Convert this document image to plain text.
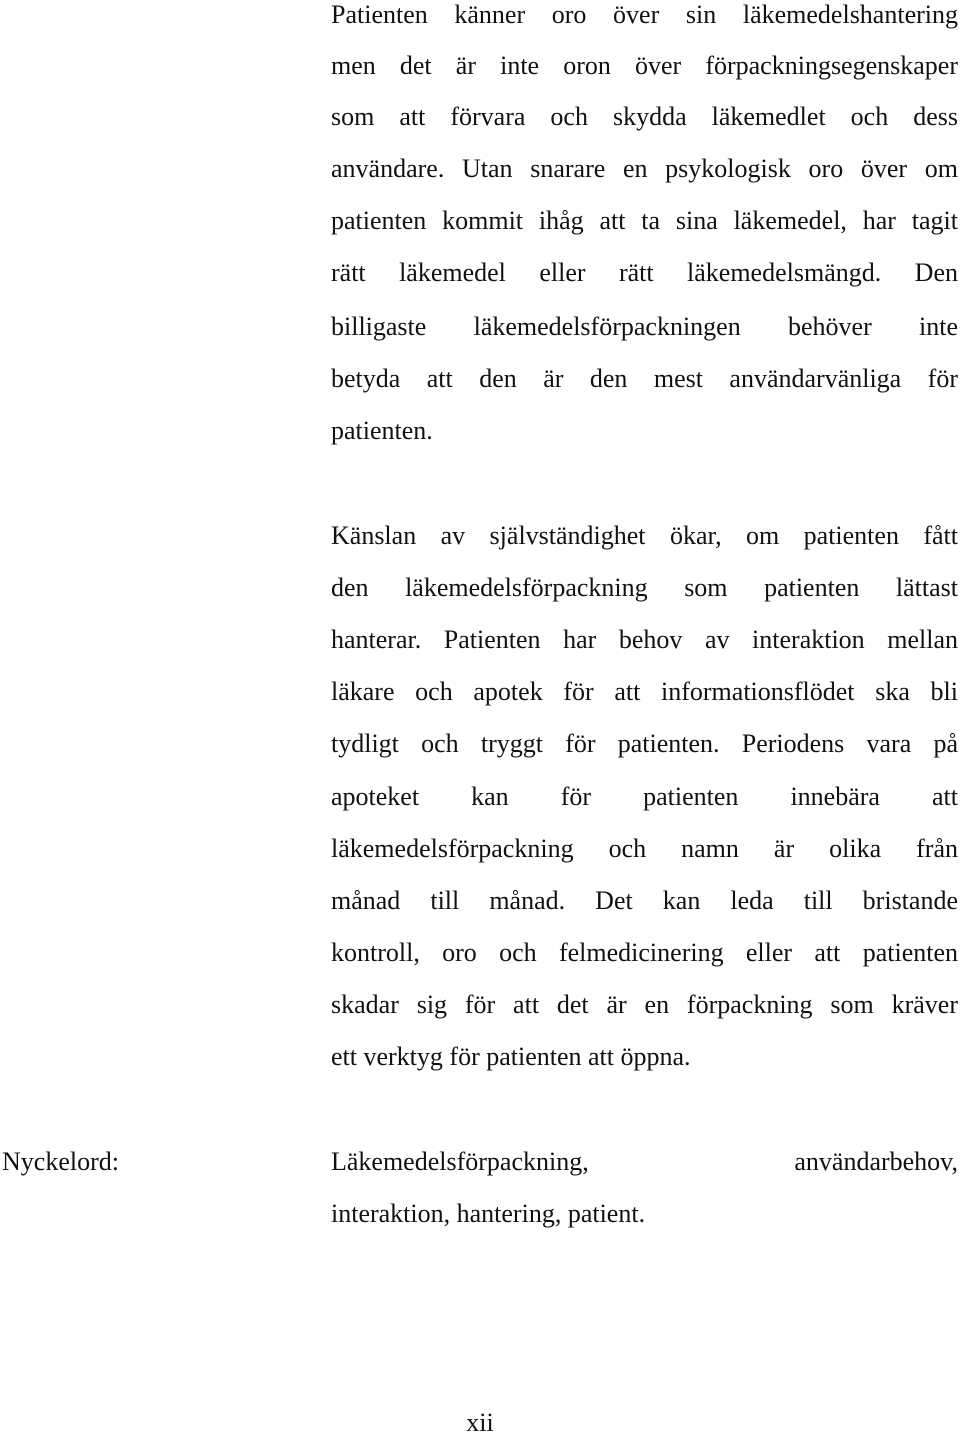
Patienten känner oro över sin läkemedelshantering
men det är inte oron över förpackningsegenskaper
som att förvara och skydda läkemedlet och dess
användare. Utan snarare en psykologisk oro över om
patienten kommit ihåg att ta sina läkemedel, har tagit
rätt läkemedel eller rätt läkemedelsmängd. Den
billigaste läkemedelsförpackningen behöver inte
betyda att den är den mest användarvänliga för
patienten.
Känslan av självständighet ökar, om patienten fått
den läkemedelsförpackning som patienten lättast
hanterar. Patienten har behov av interaktion mellan
läkare och apotek för att informationsflödet ska bli
tydligt och tryggt för patienten. Periodens vara på
apoteket kan för patienten innebära att
läkemedelsförpackning och namn är olika från
månad till månad. Det kan leda till bristande
kontroll, oro och felmedicinering eller att patienten
skadar sig för att det är en förpackning som kräver
ett verktyg för patienten att öppna.
Nyckelord:	Läkemedelsförpackning, användarbehov,
interaktion, hantering, patient.
xii
